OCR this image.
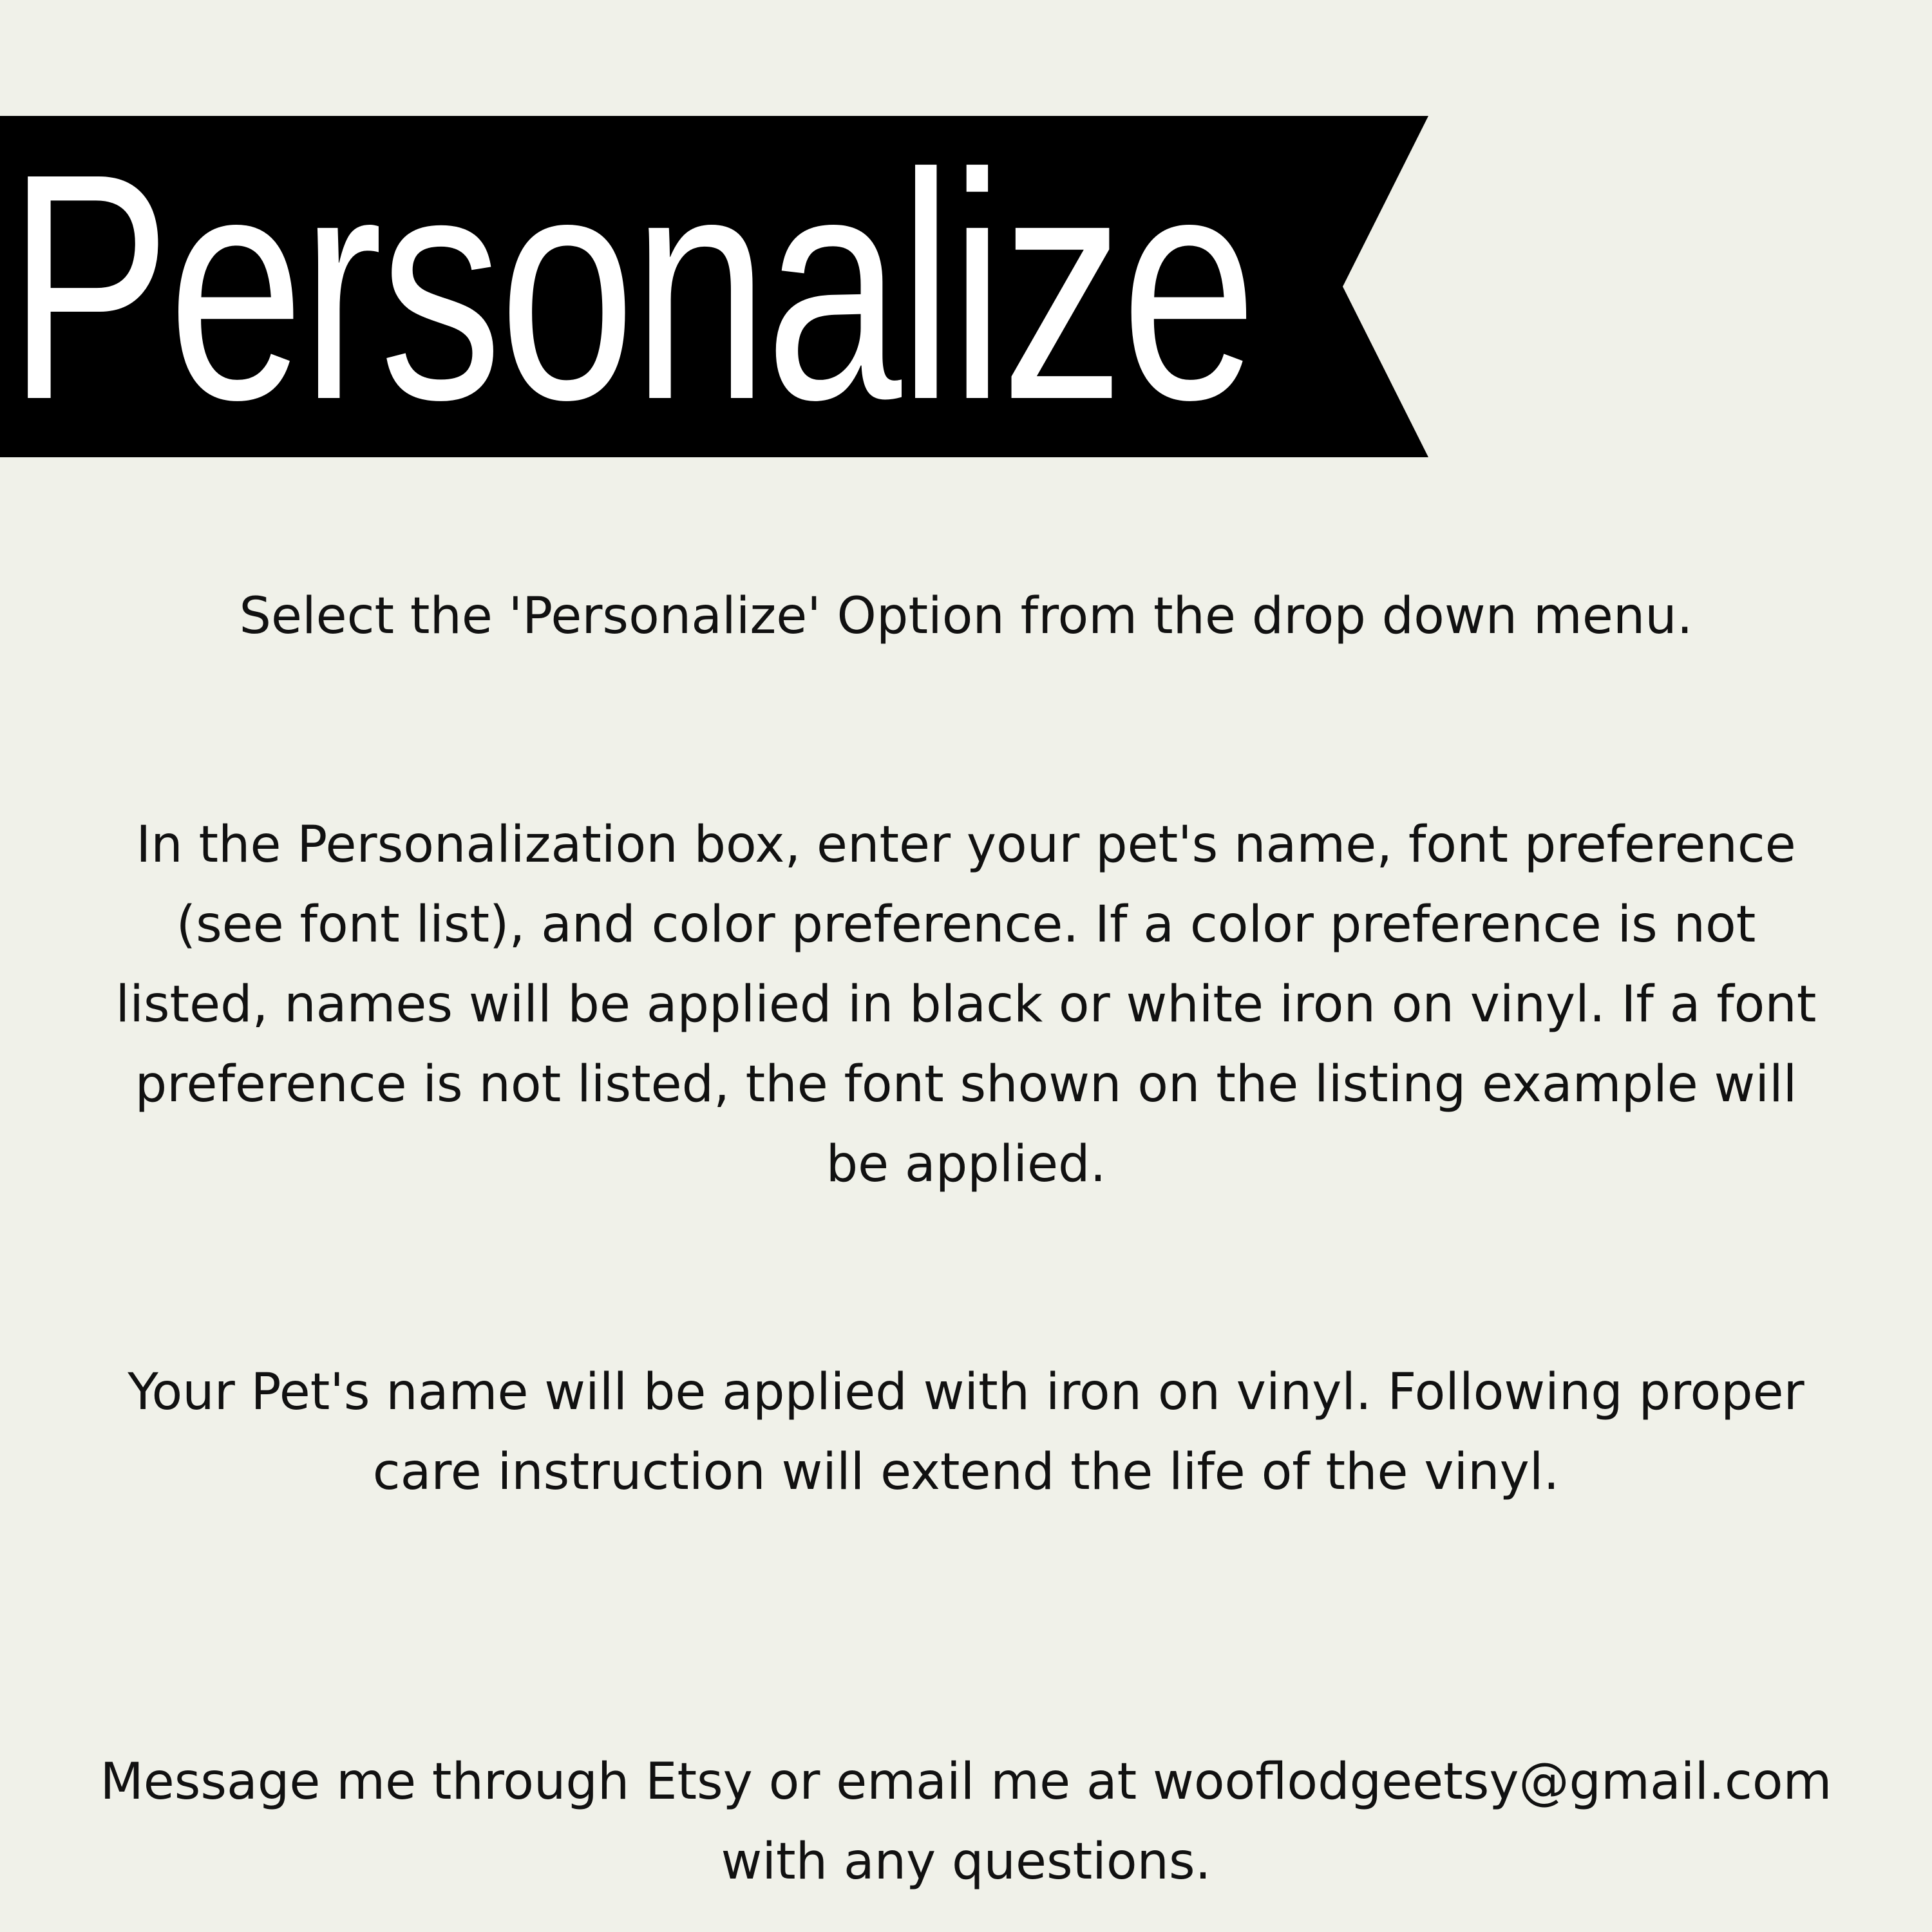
Personalize
Select the 'Personalize' Option from the drop down menu.
In the Personalization box, enter your pet's name, font preference (see font list), and color preference. If a color preference is not listed, names will be applied in black or white iron on vinyl. If a font preference is not listed, the font shown on the listing example will be applied.
Your Pet's name will be applied with iron on vinyl. Following proper care instruction will extend the life of the vinyl.
Message me through Etsy or email me at wooflodgeetsy@gmail.com with any questions.
